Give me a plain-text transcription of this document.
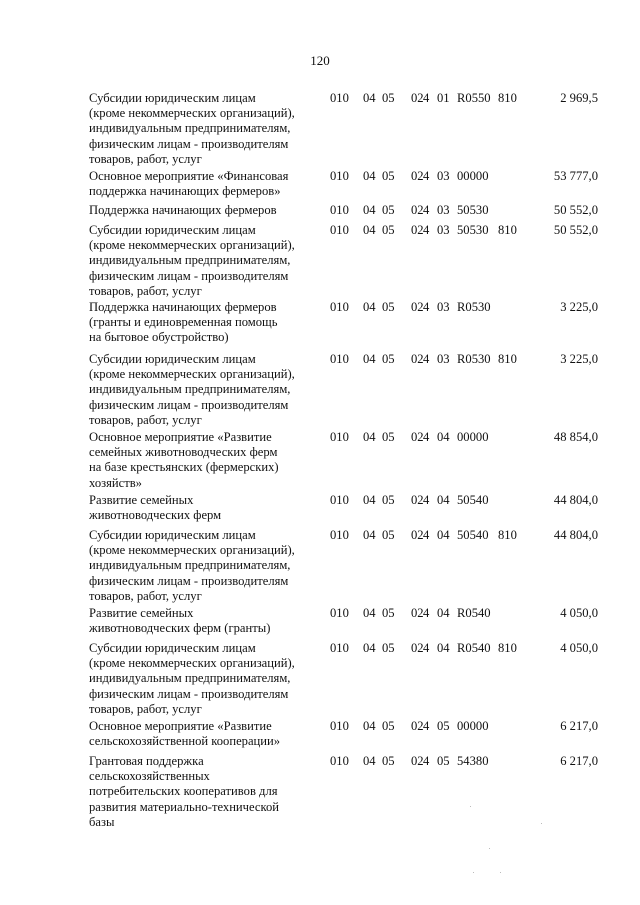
120
Субсидии юридическим лицам
(кроме некоммерческих организаций),
индивидуальным предпринимателям,
физическим лицам - производителям
товаров, работ, услуг
010 04 05 02 4 01 R0550 810	2 969,5
Основное мероприятие «Финансовая
поддержка начинающих фермеров»
010 04 05 02 4 03 00000	53 777,0
Поддержка начинающих фермеров	010 04 05 02 4 03 50530	50 552,0
Субсидии юридическим лицам
(кроме некоммерческих организаций),
индивидуальным предпринимателям,
физическим лицам - производителям
товаров, работ, услуг
010 04 05 02 4 03 50530 810	50 552,0
Поддержка начинающих фермеров
(гранты и единовременная помощь
на бытовое обустройство)
010 04 05 02 4 03 R0530	3 225,0
Субсидии юридическим лицам
(кроме некоммерческих организаций),
индивидуальным предпринимателям,
физическим лицам - производителям
товаров, работ, услуг
010 04 05 02 4 03 R0530 810	3 225,0
Основное мероприятие «Развитие
семейных животноводческих ферм
на базе крестьянских (фермерских)
хозяйств»
010 04 05 02 4 04 00000	48 854,0
Развитие семейных
животноводческих ферм
010 04 05 02 4 04 50540	44 804,0
Субсидии юридическим лицам
(кроме некоммерческих организаций),
индивидуальным предпринимателям,
физическим лицам - производителям
товаров, работ, услуг
010 04 05 02 4 04 50540 810	44 804,0
Развитие семейных
животноводческих ферм (гранты)
010 04 05 02 4 04 R0540	4 050,0
Субсидии юридическим лицам
(кроме некоммерческих организаций),
индивидуальным предпринимателям,
физическим лицам - производителям
товаров, работ, услуг
010 04 05 02 4 04 R0540 810	4 050,0
Основное мероприятие «Развитие
сельскохозяйственной кооперации»
010 04 05 02 4 05 00000	6 217,0
Грантовая поддержка
сельскохозяйственных
потребительских кооперативов для
развития материально-технической
базы
010 04 05 02 4 05 54380	6 217,0
